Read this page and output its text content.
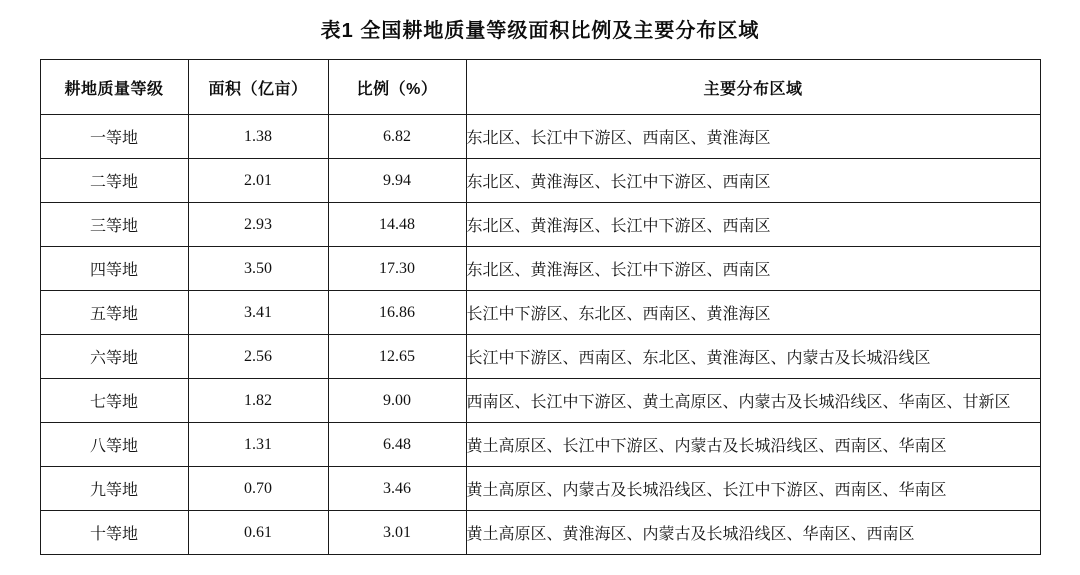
表1 全国耕地质量等级面积比例及主要分布区域
耕地质量等级	面积（亿亩）	比例（%）	主要分布区域
一等地	1.38	6.82	东北区、长江中下游区、西南区、黄淮海区
二等地	2.01	9.94	东北区、黄淮海区、长江中下游区、西南区
三等地	2.93	14.48	东北区、黄淮海区、长江中下游区、西南区
四等地	3.50	17.30	东北区、黄淮海区、长江中下游区、西南区
五等地	3.41	16.86	长江中下游区、东北区、西南区、黄淮海区
六等地	2.56	12.65	长江中下游区、西南区、东北区、黄淮海区、内蒙古及长城沿线区
七等地	1.82	9.00	西南区、长江中下游区、黄土高原区、内蒙古及长城沿线区、华南区、甘新区
八等地	1.31	6.48	黄土高原区、长江中下游区、内蒙古及长城沿线区、西南区、华南区
九等地	0.70	3.46	黄土高原区、内蒙古及长城沿线区、长江中下游区、西南区、华南区
十等地	0.61	3.01	黄土高原区、黄淮海区、内蒙古及长城沿线区、华南区、西南区
